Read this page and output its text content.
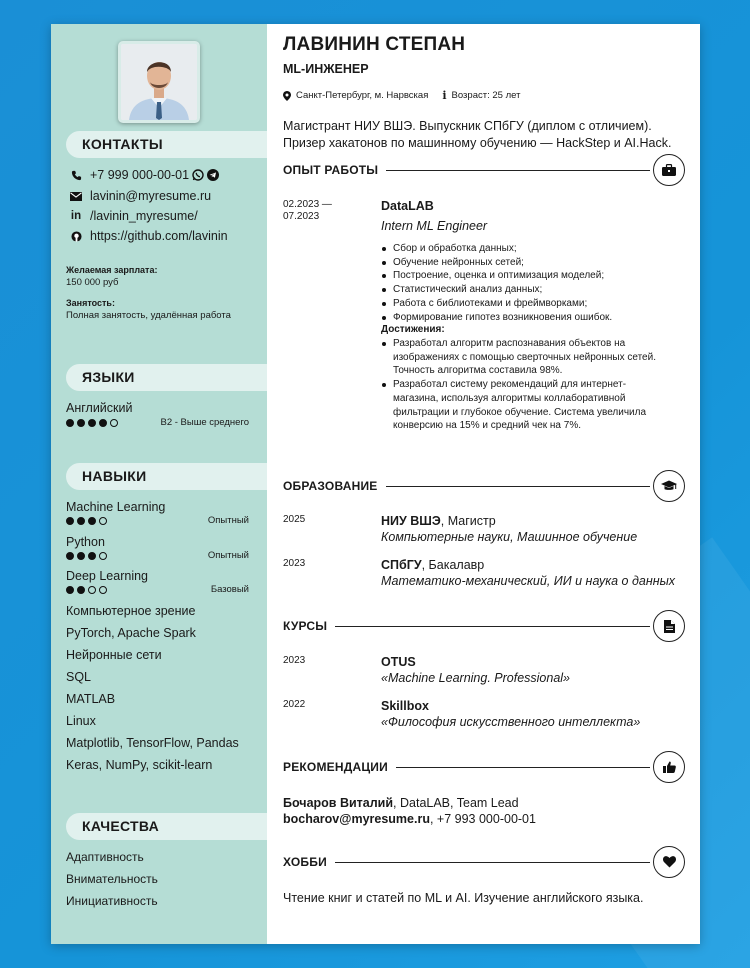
КОНТАКТЫ
+7 999 000-00-01
lavinin@myresume.ru
in /lavinin_myresume/
https://github.com/lavinin
Желаемая зарплата:
150 000 руб
Занятость:
Полная занятость, удалённая работа
ЯЗЫКИ
Английский
B2 - Выше среднего
НАВЫКИ
Machine Learning
Опытный
Python
Опытный
Deep Learning
Базовый
Компьютерное зрение
PyTorch, Apache Spark
Нейронные сети
SQL
MATLAB
Linux
Matplotlib, TensorFlow, Pandas
Keras, NumPy, scikit-learn
КАЧЕСТВА
Адаптивность
Внимательность
Инициативность
ЛАВИНИН СТЕПАН
ML-ИНЖЕНЕР
Санкт-Петербург, м. Нарвская i Возраст: 25 лет
Магистрант НИУ ВШЭ. Выпускник СПбГУ (диплом с отличием). Призер хакатонов по машинному обучению — HackStep и AI.Hack.
ОПЫТ РАБОТЫ
02.2023 —
07.2023
DataLAB
Intern ML Engineer
Сбор и обработка данных;
Обучение нейронных сетей;
Построение, оценка и оптимизация моделей;
Статистический анализ данных;
Работа с библиотеками и фреймворками;
Формирование гипотез возникновения ошибок.
Достижения:
Разработал алгоритм распознавания объектов на изображениях с помощью сверточных нейронных сетей. Точность алгоритма составила 98%.
Разработал систему рекомендаций для интернет-магазина, используя алгоритмы коллаборативной фильтрации и глубокое обучение. Система увеличила конверсию на 15% и средний чек на 7%.
ОБРАЗОВАНИЕ
2025	НИУ ВШЭ, Магистр
Компьютерные науки, Машинное обучение
2023	СПбГУ, Бакалавр
Математико-механический, ИИ и наука о данных
КУРСЫ
2023	OTUS
«Machine Learning. Professional»
2022	Skillbox
«Философия искусственного интеллекта»
РЕКОМЕНДАЦИИ
Бочаров Виталий, DataLAB, Team Lead
bocharov@myresume.ru, +7 993 000-00-01
ХОББИ
Чтение книг и статей по ML и AI. Изучение английского языка.
